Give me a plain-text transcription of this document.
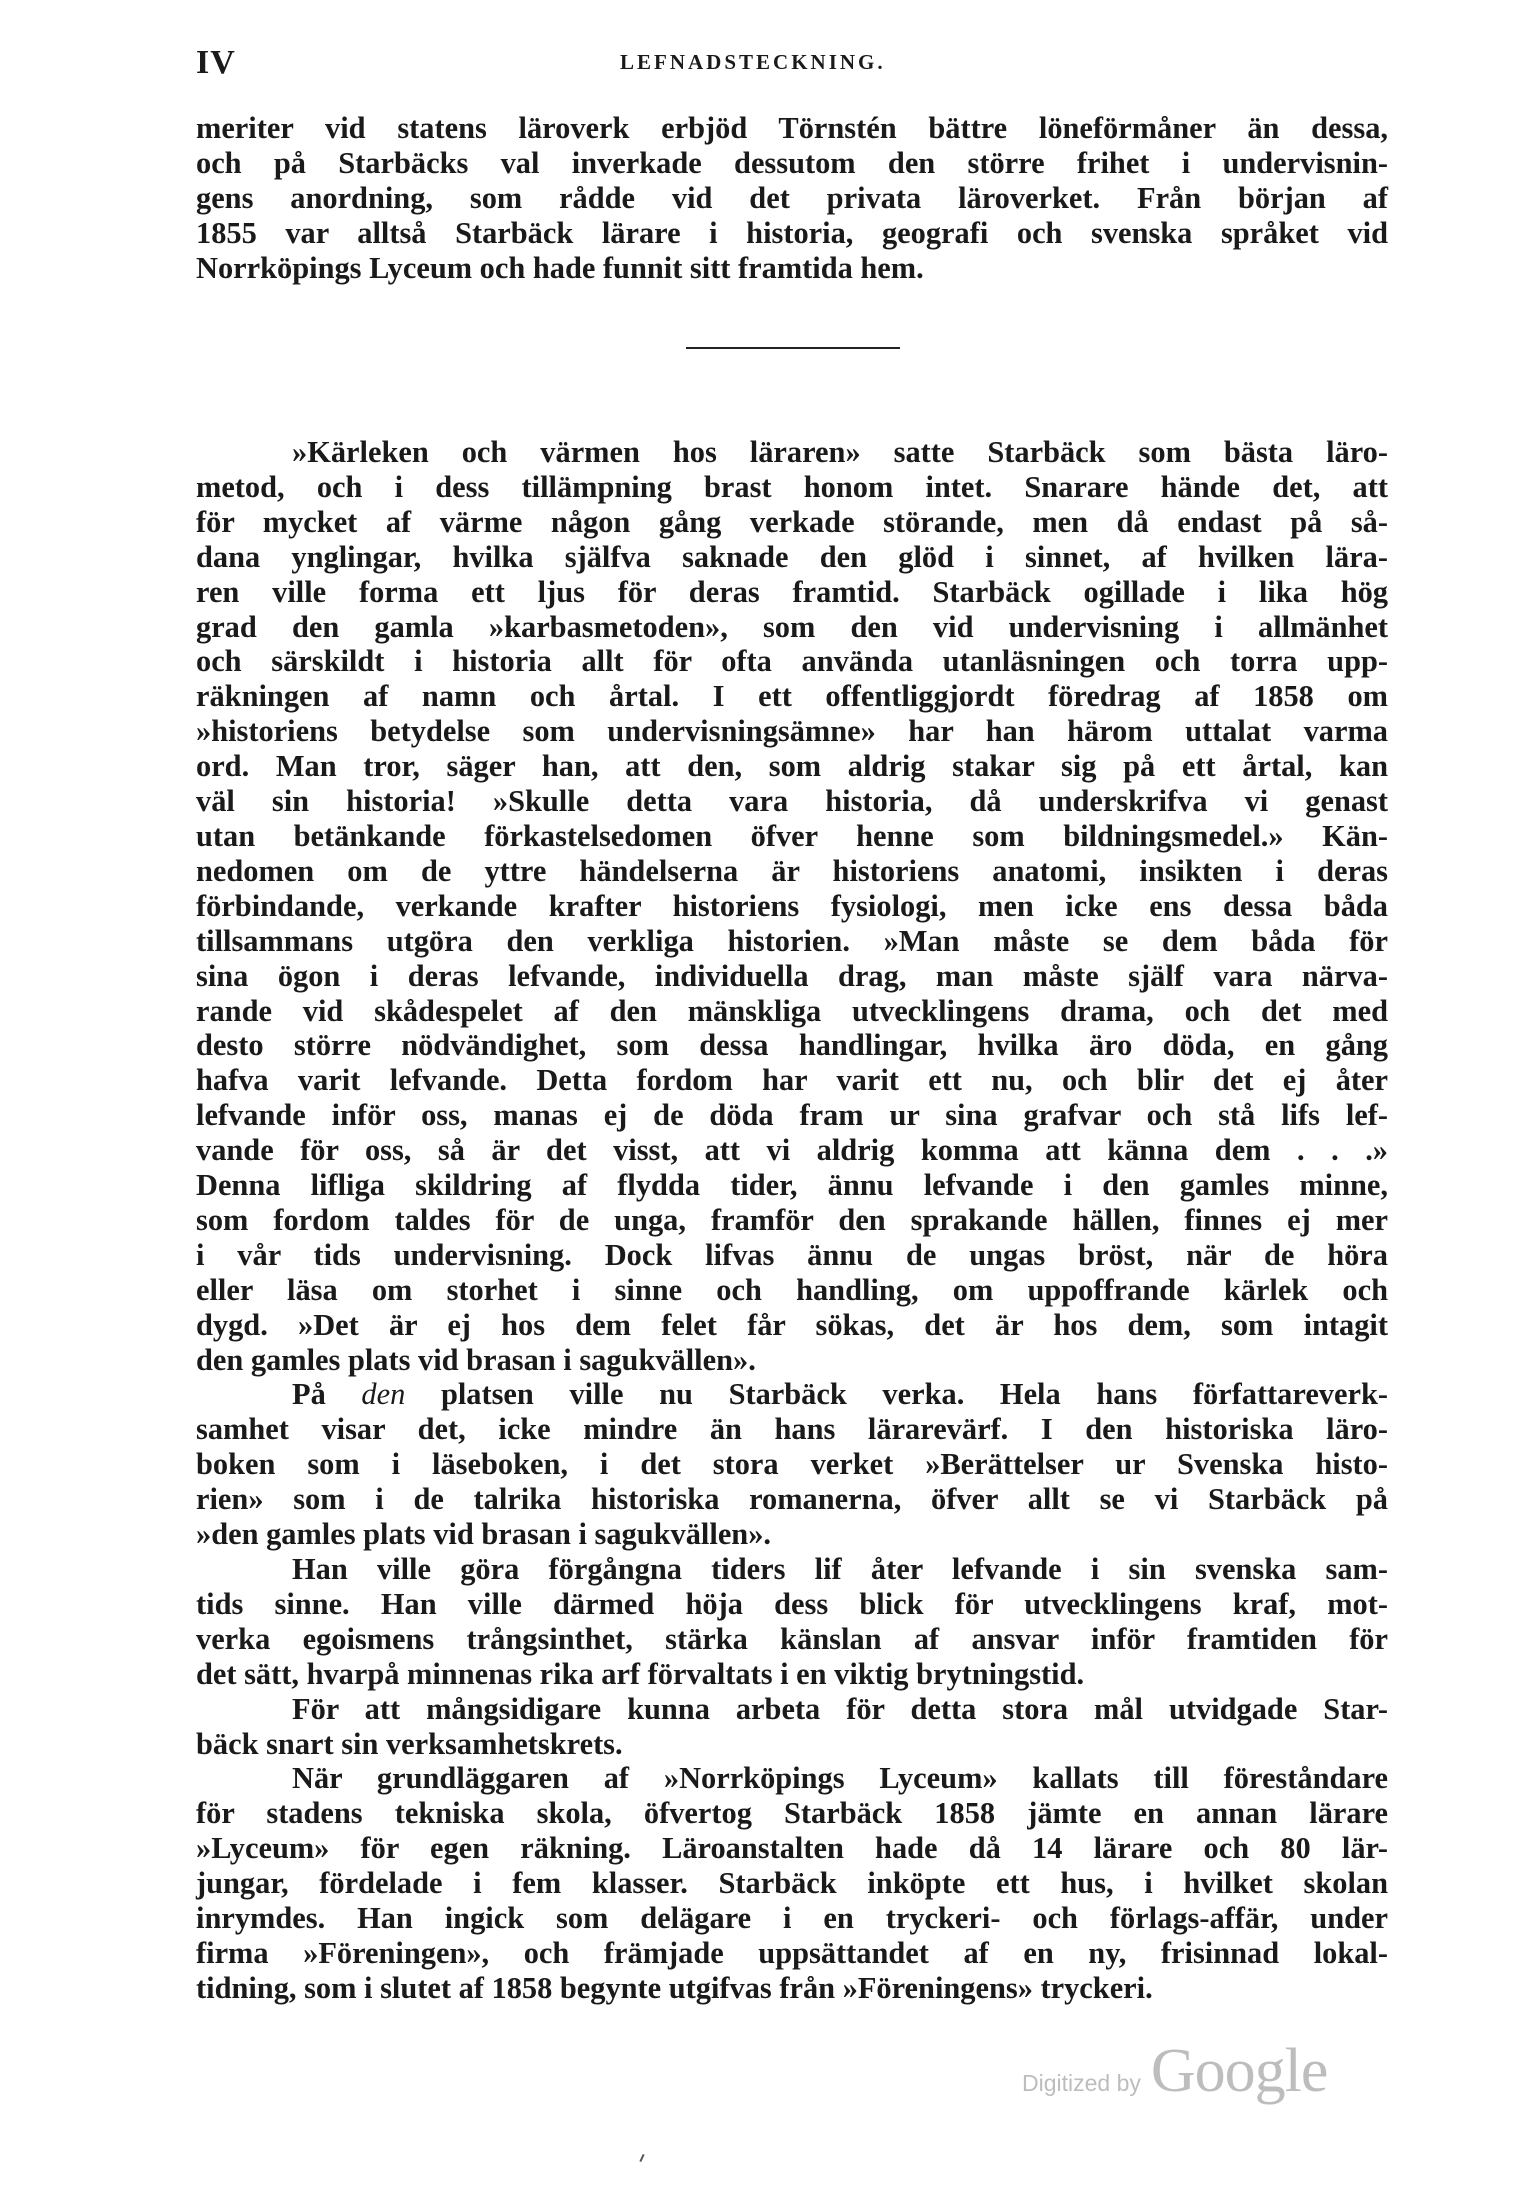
IV	LEFNADSTECKNING.
meriter vid statens läroverk erbjöd Törnstén bättre löneförmåner än dessa,
och på Starbäcks val inverkade dessutom den större frihet i undervisnin-
gens anordning, som rådde vid det privata läroverket. Från början af
1855 var alltså Starbäck lärare i historia, geografi och svenska språket vid
Norrköpings Lyceum och hade funnit sitt framtida hem.
»Kärleken och värmen hos läraren» satte Starbäck som bästa läro-
metod, och i dess tillämpning brast honom intet. Snarare hände det, att
för mycket af värme någon gång verkade störande, men då endast på så-
dana ynglingar, hvilka själfva saknade den glöd i sinnet, af hvilken lära-
ren ville forma ett ljus för deras framtid. Starbäck ogillade i lika hög
grad den gamla »karbasmetoden», som den vid undervisning i allmänhet
och särskildt i historia allt för ofta använda utanläsningen och torra upp-
räkningen af namn och årtal. I ett offentliggjordt föredrag af 1858 om
»historiens betydelse som undervisningsämne» har han härom uttalat varma
ord. Man tror, säger han, att den, som aldrig stakar sig på ett årtal, kan
väl sin historia! »Skulle detta vara historia, då underskrifva vi genast
utan betänkande förkastelsedomen öfver henne som bildningsmedel.» Kän-
nedomen om de yttre händelserna är historiens anatomi, insikten i deras
förbindande, verkande krafter historiens fysiologi, men icke ens dessa båda
tillsammans utgöra den verkliga historien. »Man måste se dem båda för
sina ögon i deras lefvande, individuella drag, man måste själf vara närva-
rande vid skådespelet af den mänskliga utvecklingens drama, och det med
desto större nödvändighet, som dessa handlingar, hvilka äro döda, en gång
hafva varit lefvande. Detta fordom har varit ett nu, och blir det ej åter
lefvande inför oss, manas ej de döda fram ur sina grafvar och stå lifs lef-
vande för oss, så är det visst, att vi aldrig komma att känna dem . . .»
Denna lifliga skildring af flydda tider, ännu lefvande i den gamles minne,
som fordom taldes för de unga, framför den sprakande hällen, finnes ej mer
i vår tids undervisning. Dock lifvas ännu de ungas bröst, när de höra
eller läsa om storhet i sinne och handling, om uppoffrande kärlek och
dygd. »Det är ej hos dem felet får sökas, det är hos dem, som intagit
den gamles plats vid brasan i sagukvällen».
På den platsen ville nu Starbäck verka. Hela hans författareverk-
samhet visar det, icke mindre än hans lärarevärf. I den historiska läro-
boken som i läseboken, i det stora verket »Berättelser ur Svenska histo-
rien» som i de talrika historiska romanerna, öfver allt se vi Starbäck på
»den gamles plats vid brasan i sagukvällen».
Han ville göra förgångna tiders lif åter lefvande i sin svenska sam-
tids sinne. Han ville därmed höja dess blick för utvecklingens kraf, mot-
verka egoismens trångsinthet, stärka känslan af ansvar inför framtiden för
det sätt, hvarpå minnenas rika arf förvaltats i en viktig brytningstid.
För att mångsidigare kunna arbeta för detta stora mål utvidgade Star-
bäck snart sin verksamhetskrets.
När grundläggaren af »Norrköpings Lyceum» kallats till föreståndare
för stadens tekniska skola, öfvertog Starbäck 1858 jämte en annan lärare
»Lyceum» för egen räkning. Läroanstalten hade då 14 lärare och 80 lär-
jungar, fördelade i fem klasser. Starbäck inköpte ett hus, i hvilket skolan
inrymdes. Han ingick som delägare i en tryckeri- och förlags-affär, under
firma »Föreningen», och främjade uppsättandet af en ny, frisinnad lokal-
tidning, som i slutet af 1858 begynte utgifvas från »Föreningens» tryckeri.
Digitized by Google
